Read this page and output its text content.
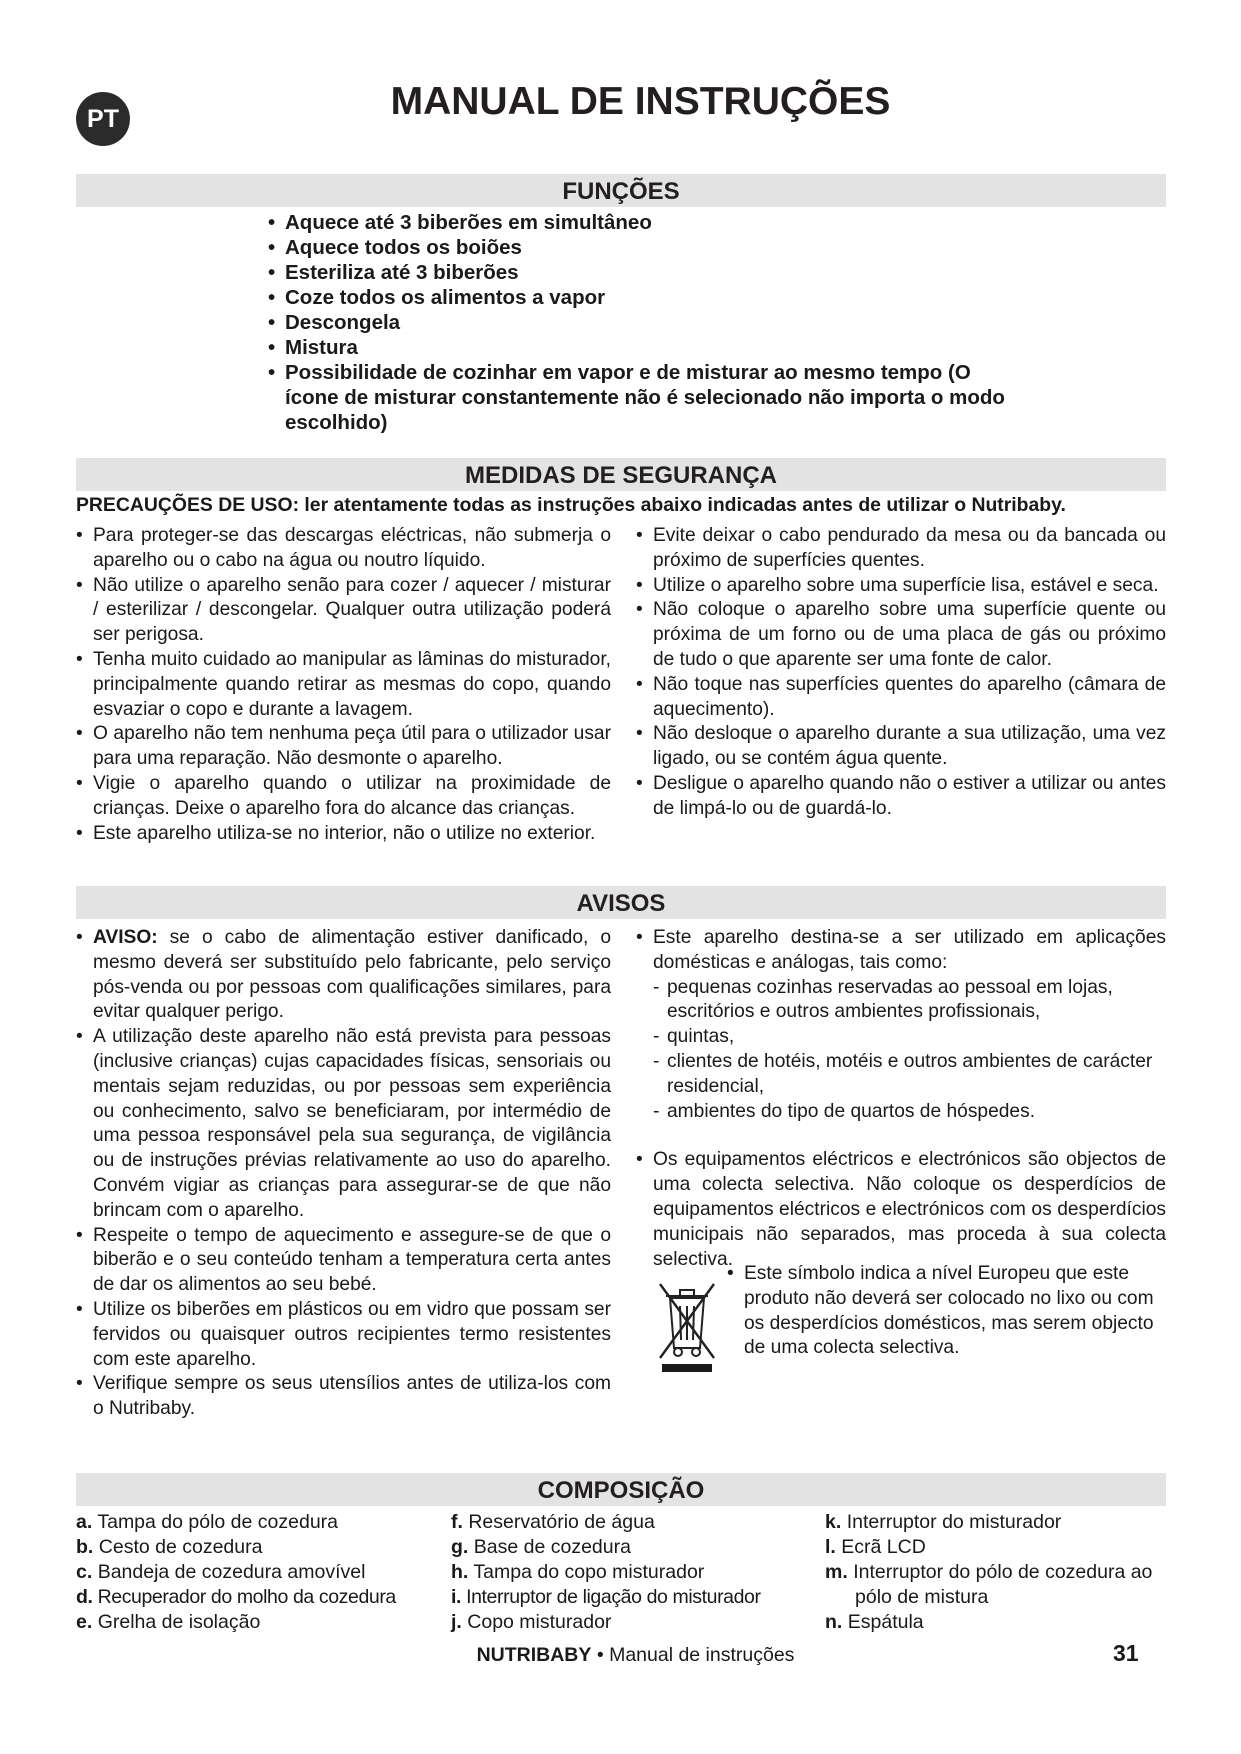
PT	MANUAL DE INSTRUÇÕES
FUNÇÕES
• Aquece até 3 biberões em simultâneo
• Aquece todos os boiões
• Esteriliza até 3 biberões
• Coze todos os alimentos a vapor
• Descongela
• Mistura
• Possibilidade de cozinhar em vapor e de misturar ao mesmo tempo (O ícone de misturar constantemente não é selecionado não importa o modo escolhido)
MEDIDAS DE SEGURANÇA
PRECAUÇÕES DE USO: ler atentamente todas as instruções abaixo indicadas antes de utilizar o Nutribaby.
• Para proteger-se das descargas eléctricas, não submerja o aparelho ou o cabo na água ou noutro líquido.
• Não utilize o aparelho senão para cozer / aquecer / misturar / esterilizar / descongelar. Qualquer outra utilização poderá ser perigosa.
• Tenha muito cuidado ao manipular as lâminas do misturador, principalmente quando retirar as mesmas do copo, quando esvaziar o copo e durante a lavagem.
• O aparelho não tem nenhuma peça útil para o utilizador usar para uma reparação. Não desmonte o aparelho.
• Vigie o aparelho quando o utilizar na proximidade de crianças. Deixe o aparelho fora do alcance das crianças.
• Este aparelho utiliza-se no interior, não o utilize no exterior.
• Evite deixar o cabo pendurado da mesa ou da bancada ou próximo de superfícies quentes.
• Utilize o aparelho sobre uma superfície lisa, estável e seca.
• Não coloque o aparelho sobre uma superfície quente ou próxima de um forno ou de uma placa de gás ou próximo de tudo o que aparente ser uma fonte de calor.
• Não toque nas superfícies quentes do aparelho (câmara de aquecimento).
• Não desloque o aparelho durante a sua utilização, uma vez ligado, ou se contém água quente.
• Desligue o aparelho quando não o estiver a utilizar ou antes de limpá-lo ou de guardá-lo.
AVISOS
• AVISO: se o cabo de alimentação estiver danificado, o mesmo deverá ser substituído pelo fabricante, pelo serviço pós-venda ou por pessoas com qualificações similares, para evitar qualquer perigo.
• A utilização deste aparelho não está prevista para pessoas (inclusive crianças) cujas capacidades físicas, sensoriais ou mentais sejam reduzidas, ou por pessoas sem experiência ou conhecimento, salvo se beneficiaram, por intermédio de uma pessoa responsável pela sua segurança, de vigilância ou de instruções prévias relativamente ao uso do aparelho. Convém vigiar as crianças para assegurar-se de que não brincam com o aparelho.
• Respeite o tempo de aquecimento e assegure-se de que o biberão e o seu conteúdo tenham a temperatura certa antes de dar os alimentos ao seu bebé.
• Utilize os biberões em plásticos ou em vidro que possam ser fervidos ou quaisquer outros recipientes termo resistentes com este aparelho.
• Verifique sempre os seus utensílios antes de utiliza-los com o Nutribaby.
• Este aparelho destina-se a ser utilizado em aplicações domésticas e análogas, tais como:
- pequenas cozinhas reservadas ao pessoal em lojas, escritórios e outros ambientes profissionais,
- quintas,
- clientes de hotéis, motéis e outros ambientes de carácter residencial,
- ambientes do tipo de quartos de hóspedes.
• Os equipamentos eléctricos e electrónicos são objectos de uma colecta selectiva. Não coloque os desperdícios de equipamentos eléctricos e electrónicos com os desperdícios municipais não separados, mas proceda à sua colecta selectiva.
• Este símbolo indica a nível Europeu que este produto não deverá ser colocado no lixo ou com os desperdícios domésticos, mas serem objecto de uma colecta selectiva.
COMPOSIÇÃO
a. Tampa do pólo de cozedura
b. Cesto de cozedura
c. Bandeja de cozedura amovível
d. Recuperador do molho da cozedura
e. Grelha de isolação
f. Reservatório de água
g. Base de cozedura
h. Tampa do copo misturador
i. Interruptor de ligação do misturador
j. Copo misturador
k. Interruptor do misturador
l. Ecrã LCD
m. Interruptor do pólo de cozedura ao pólo de mistura
n. Espátula
NUTRIBABY • Manual de instruções	31
